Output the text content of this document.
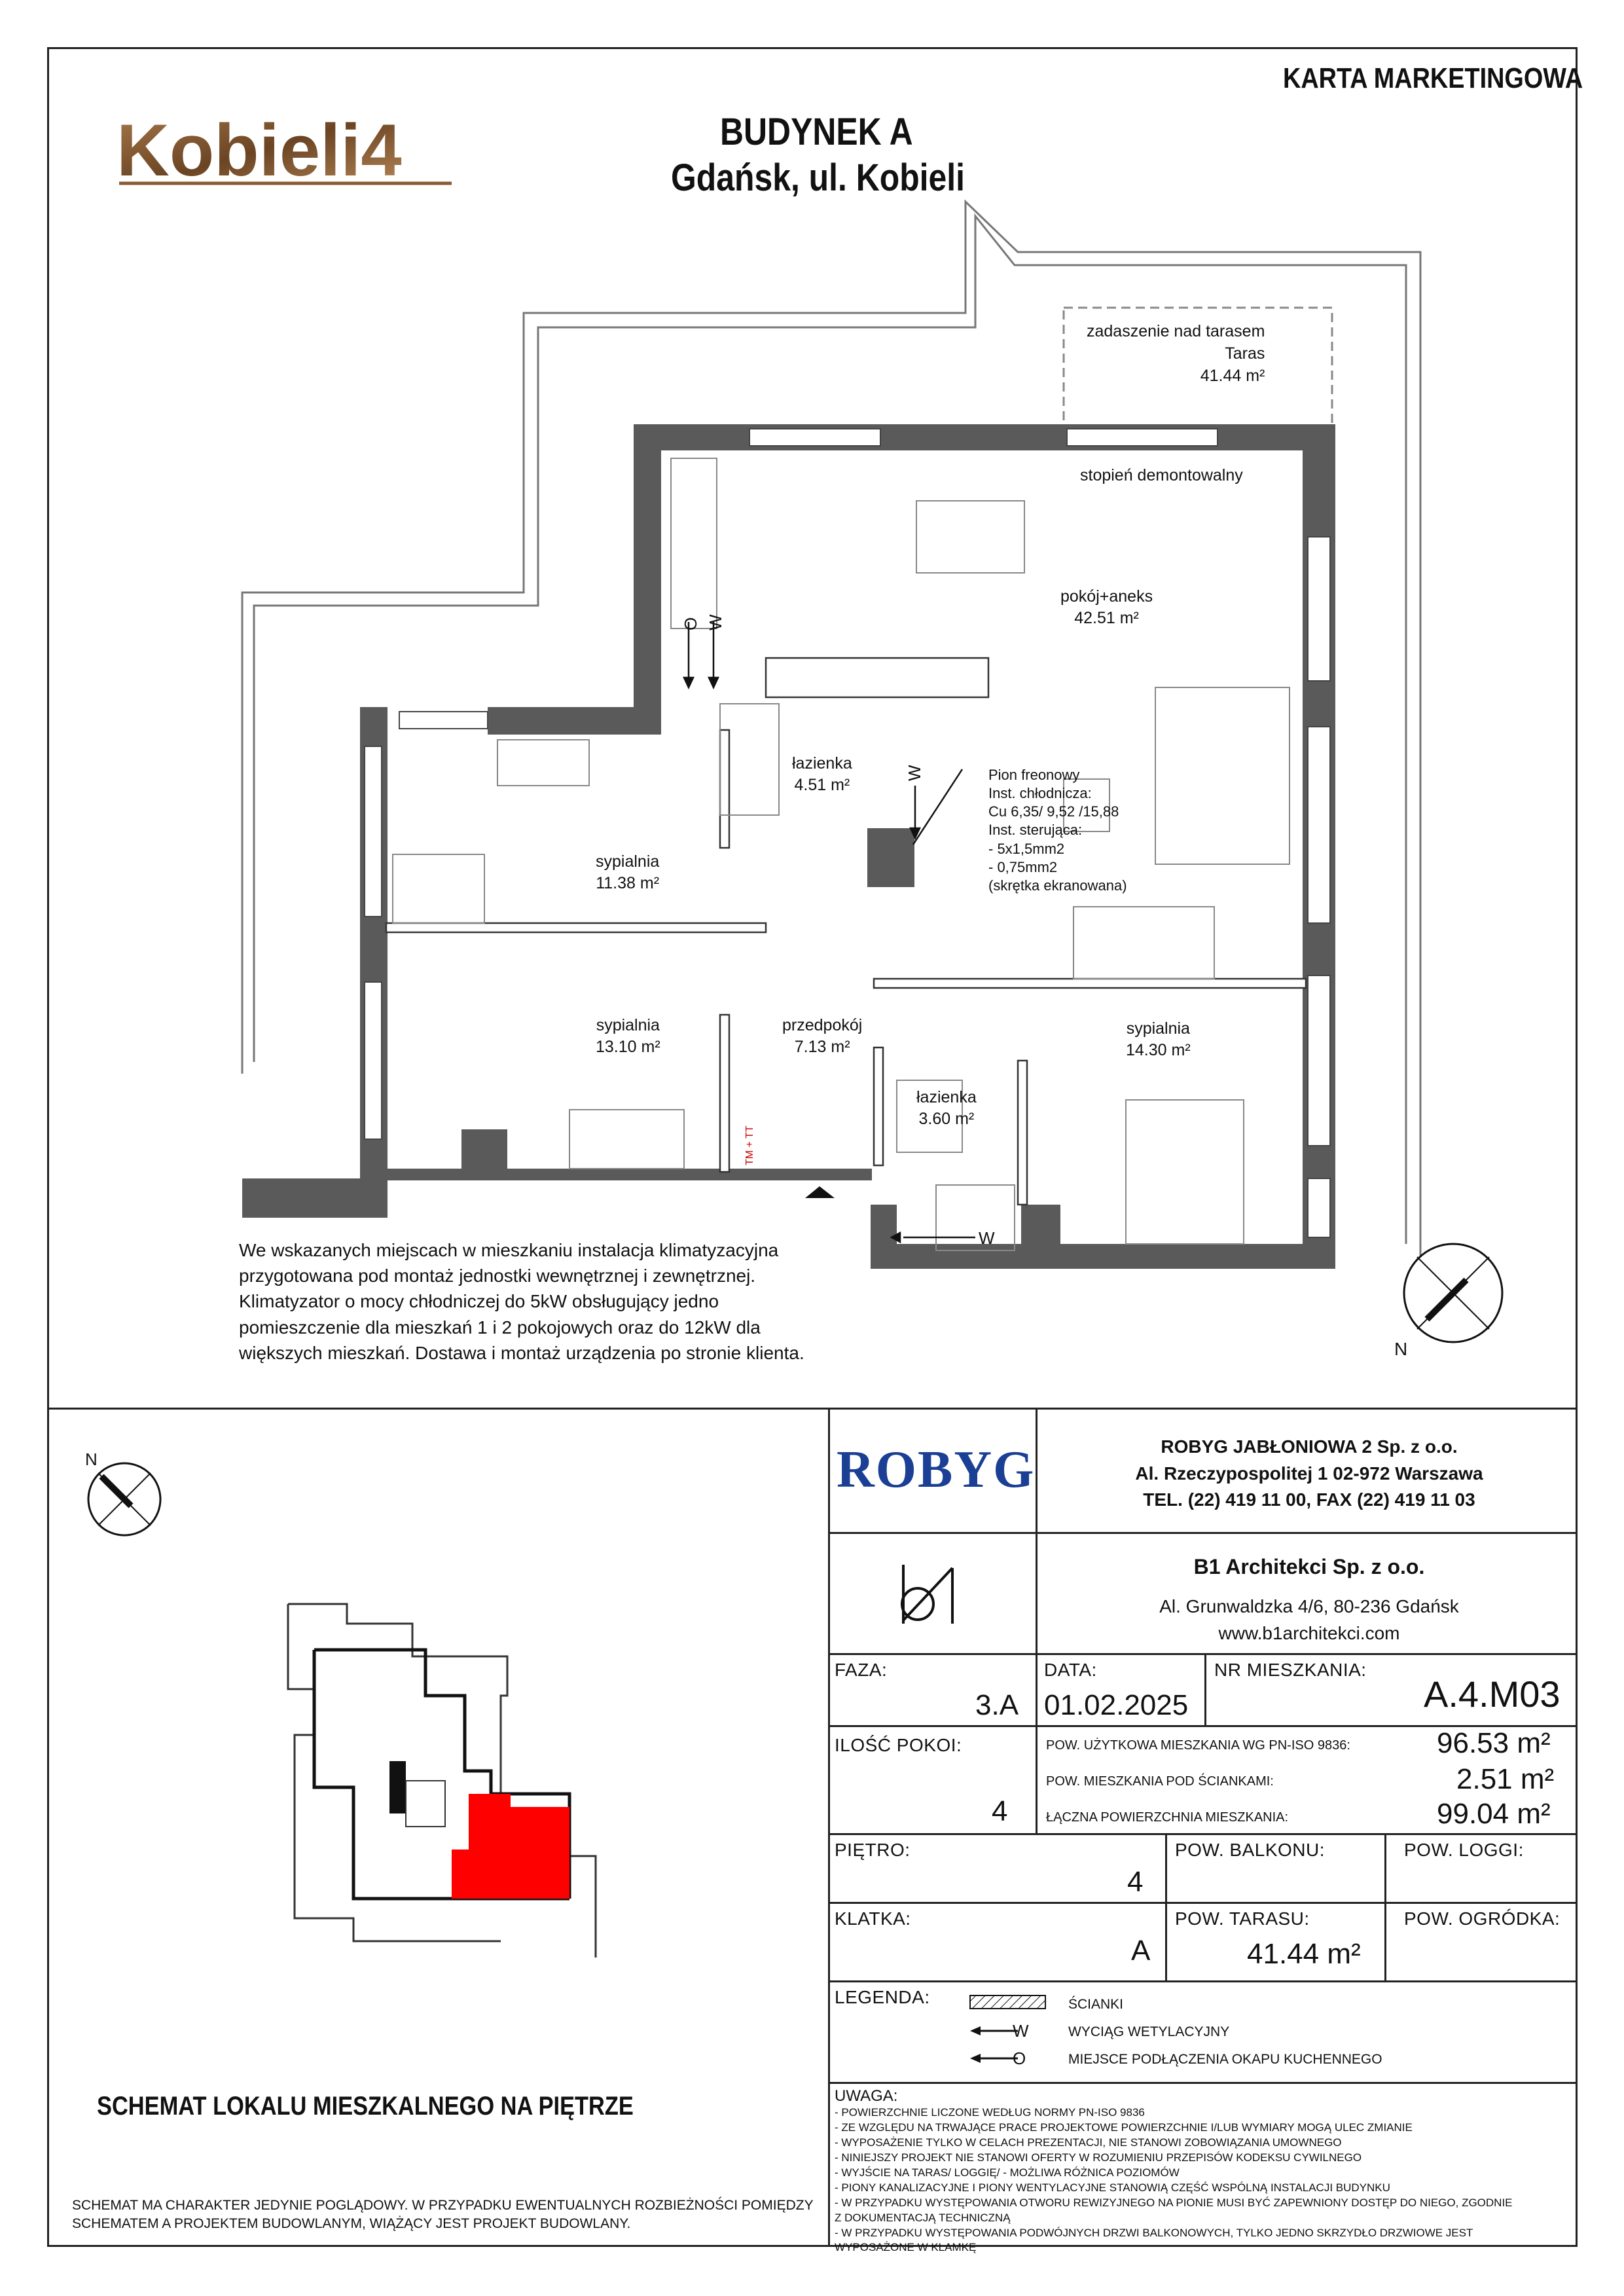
KARTA MARKETINGOWA
Kobieli4	BUDYNEK A
Gdańsk, ul. Kobieli
O W
W
W
TM + TT
N
zadaszenie nad tarasem
Taras
41.44 m²
stopień demontowalny
pokój+aneks
42.51 m²
łazienka
4.51 m²
sypialnia
11.38 m²
sypialnia
13.10 m²
przedpokój
7.13 m²
łazienka
3.60 m²
sypialnia
14.30 m²
Pion freonowy
Inst. chłodnicza:
Cu 6,35/ 9,52 /15,88
Inst. sterująca:
- 5x1,5mm2
- 0,75mm2
(skrętka ekranowana)
We wskazanych miejscach w mieszkaniu instalacja klimatyzacyjna przygotowana pod montaż jednostki wewnętrznej i zewnętrznej. Klimatyzator o mocy chłodniczej do 5kW obsługujący jedno pomieszczenie dla mieszkań 1 i 2 pokojowych oraz do 12kW dla większych mieszkań. Dostawa i montaż urządzenia po stronie klienta.
N
SCHEMAT LOKALU MIESZKALNEGO NA PIĘTRZE
SCHEMAT MA CHARAKTER JEDYNIE POGLĄDOWY. W PRZYPADKU EWENTUALNYCH ROZBIEŻNOŚCI POMIĘDZY SCHEMATEM A PROJEKTEM BUDOWLANYM, WIĄŻĄCY JEST PROJEKT BUDOWLANY.
ROBYG	ROBYG JABŁONIOWA 2 Sp. z o.o.
Al. Rzeczypospolitej 1 02-972 Warszawa
TEL. (22) 419 11 00, FAX (22) 419 11 03
B1 Architekci Sp. z o.o.
Al. Grunwaldzka 4/6, 80-236 Gdańsk
www.b1architekci.com
FAZA:
3.A
DATA:
01.02.2025
NR MIESZKANIA:
A.4.M03
ILOŚĆ POKOI:
4
POW. UŻYTKOWA MIESZKANIA WG PN-ISO 9836:	96.53 m²
POW. MIESZKANIA POD ŚCIANKAMI:	2.51 m²
ŁĄCZNA POWIERZCHNIA MIESZKANIA:	99.04 m²
PIĘTRO:
4
POW. BALKONU:	POW. LOGGI:
KLATKA:
A
POW. TARASU:
41.44 m²
POW. OGRÓDKA:
LEGENDA:
W
O
ŚCIANKI
WYCIĄG WETYLACYJNY
MIEJSCE PODŁĄCZENIA OKAPU KUCHENNEGO
UWAGA:
- POWIERZCHNIE LICZONE WEDŁUG NORMY PN-ISO 9836
- ZE WZGLĘDU NA TRWAJĄCE PRACE PROJEKTOWE POWIERZCHNIE I/LUB WYMIARY MOGĄ ULEC ZMIANIE
- WYPOSAŻENIE TYLKO W CELACH PREZENTACJI, NIE STANOWI ZOBOWIĄZANIA UMOWNEGO
- NINIEJSZY PROJEKT NIE STANOWI OFERTY W ROZUMIENIU PRZEPISÓW KODEKSU CYWILNEGO
- WYJŚCIE NA TARAS/ LOGGIĘ/ - MOŻLIWA RÓŻNICA POZIOMÓW
- PIONY KANALIZACYJNE I PIONY WENTYLACYJNE STANOWIĄ CZĘŚĆ WSPÓLNĄ INSTALACJI BUDYNKU
- W PRZYPADKU WYSTĘPOWANIA OTWORU REWIZYJNEGO NA PIONIE MUSI BYĆ ZAPEWNIONY DOSTĘP DO NIEGO, ZGODNIE Z DOKUMENTACJĄ TECHNICZNĄ
- W PRZYPADKU WYSTĘPOWANIA PODWÓJNYCH DRZWI BALKONOWYCH, TYLKO JEDNO SKRZYDŁO DRZWIOWE JEST WYPOSAŻONE W KLAMKĘ
